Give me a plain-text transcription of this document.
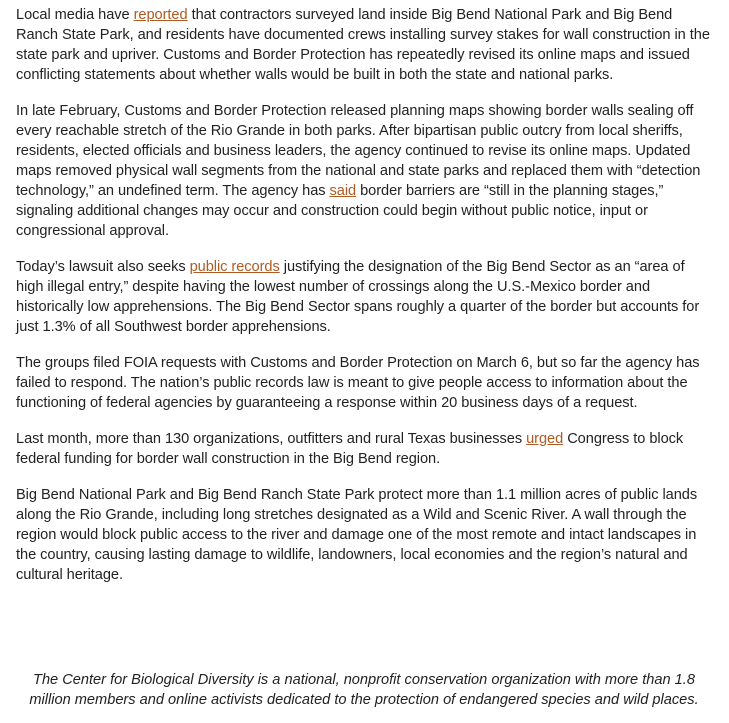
Local media have reported that contractors surveyed land inside Big Bend National Park and Big Bend Ranch State Park, and residents have documented crews installing survey stakes for wall construction in the state park and upriver. Customs and Border Protection has repeatedly revised its online maps and issued conflicting statements about whether walls would be built in both the state and national parks.

In late February, Customs and Border Protection released planning maps showing border walls sealing off every reachable stretch of the Rio Grande in both parks. After bipartisan public outcry from local sheriffs, residents, elected officials and business leaders, the agency continued to revise its online maps. Updated maps removed physical wall segments from the national and state parks and replaced them with “detection technology,” an undefined term. The agency has said border barriers are “still in the planning stages,” signaling additional changes may occur and construction could begin without public notice, input or congressional approval.

Today’s lawsuit also seeks public records justifying the designation of the Big Bend Sector as an “area of high illegal entry,” despite having the lowest number of crossings along the U.S.-Mexico border and historically low apprehensions. The Big Bend Sector spans roughly a quarter of the border but accounts for just 1.3% of all Southwest border apprehensions.

The groups filed FOIA requests with Customs and Border Protection on March 6, but so far the agency has failed to respond. The nation’s public records law is meant to give people access to information about the functioning of federal agencies by guaranteeing a response within 20 business days of a request.

Last month, more than 130 organizations, outfitters and rural Texas businesses urged Congress to block federal funding for border wall construction in the Big Bend region.

Big Bend National Park and Big Bend Ranch State Park protect more than 1.1 million acres of public lands along the Rio Grande, including long stretches designated as a Wild and Scenic River. A wall through the region would block public access to the river and damage one of the most remote and intact landscapes in the country, causing lasting damage to wildlife, landowners, local economies and the region’s natural and cultural heritage.

The Center for Biological Diversity is a national, nonprofit conservation organization with more than 1.8 million members and online activists dedicated to the protection of endangered species and wild places.
